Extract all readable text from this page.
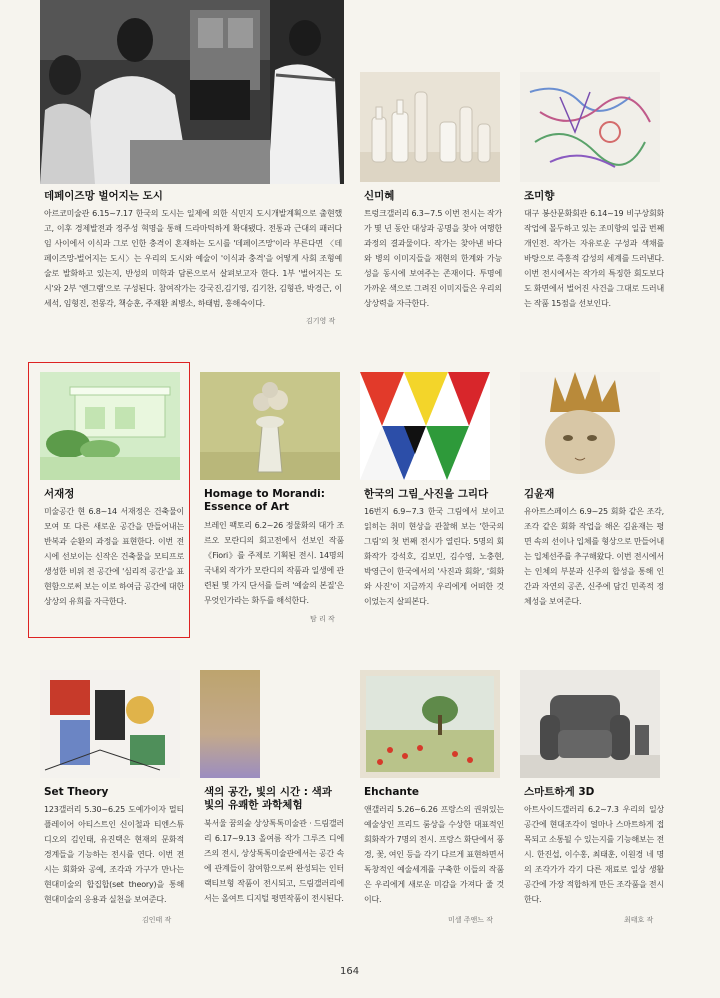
데페이즈망 벌어지는 도시
아르코미술관 6.15~7.17 한국의 도시는 일제에 의한 식민지 도시개발계획으로 출현했고, 이후 경제발전과 정주성 혁명을 통해 드라마틱하게 확대됐다. 전통과 근대의 패러다임 사이에서 이식과 그로 인한 충격이 혼재하는 도시를 '데페이즈망'이라 부른다면 〈데페이즈망-벌어지는 도시〉는 우리의 도시와 예술이 '이식과 충격'을 어떻게 사회 조형예술로 발화하고 있는지, 반성의 미학과 담론으로서 살펴보고자 한다. 1부 '벌어지는 도시'와 2부 '엔그램'으로 구성된다. 참여작가는 강국진,김기영, 김기찬, 김형관, 박경근, 이세석, 임형진, 전몽각, 책승훈, 주재환 최병소, 하태범, 홍해숙이다.
김기영 작
신미혜
트렁크갤러리 6.3~7.5 이번 전시는 작가가 몇 년 동안 대상과 공명을 찾아 여행한 과정의 결과물이다. 작가는 찾아낸 바다와 병의 이미지들을 재현의 한계와 가능성을 동시에 보여주는 존재이다. 투명에 가까운 색으로 그려진 이미지들은 우리의 상상력을 자극한다.
조미향
대구 봉산문화회관 6.14~19 비구상회화 작업에 몰두하고 있는 조미향의 일곱 번째 개인전. 작가는 자유로운 구성과 색채를 바탕으로 즉흥적 감성의 세계를 드러낸다. 이번 전시에서는 작가의 특징한 회도보다도 화면에서 벌어진 사건을 그대로 드러내는 작품 15점을 선보인다.
서재정
미술공간 현 6.8~14 서재정은 건축물이 모여 또 다른 새로운 공간을 만들어내는 반복과 순환의 과정을 표현한다. 이번 전시에 선보이는 신작은 건축물을 모티프로 생성한 비위 전 공간에 '심리적 공간'을 표현함으로써 보는 이로 하여금 공간에 대한 상상의 유희를 자극한다.
Homage to Morandi: Essence of Art
브레인 팩토리 6.2~26 정물화의 대가 조르오 모란디의 회고전에서 선보인 작품 《Fiori》를 주제로 기획된 전시. 14명의 국내외 작가가 모란디의 작품과 일생에 관련된 몇 가지 단서를 들려 '예술의 본질'은 무엇인가라는 화두를 해석한다.
탐 리 작
한국의 그림_사진을 그리다
16번지 6.9~7.3 한국 그림에서 보이고 읽히는 취미 현상을 관찰해 보는 '한국의 그림'의 첫 번째 전시가 열린다. 5명의 회화작가 강석호, 김보민, 김수영, 노충현, 박영근이 한국에서의 '사진과 회화', '회화와 사진'이 지금까지 우리에게 어떠한 것이었는지 살피본다.
김윤재
유아트스페이스 6.9~25 회화 같은 조각, 조각 같은 회화 작업을 해온 김윤재는 평면 속의 선이나 입체를 형상으로 만들어내는 입체선주를 추구해왔다. 이번 전시에서는 인체의 부분과 신주의 합성을 통해 인간과 자연의 공존, 신주에 담긴 민족적 정체성을 보여준다.
Set Theory
123갤러리 5.30~6.25 도예가이자 멀티 플레이어 아티스트인 신이철과 티엔스튜디오의 김인태, 유진택은 현재의 문화적 경계들을 기능하는 전시를 연다. 이번 전시는 회화와 공예, 조각과 가구가 만나는 현대미술의 합집합(set theory)을 통해 현대미술의 응용과 실천을 보여준다.
김인태 작
색의 공간, 빛의 시간 : 색과 빛의 유쾌한 과학체험
북서울 꿈의숲 상상톡톡미술관 · 드림갤러리 6.17~9.13 올여름 작가 그루즈 디에즈의 전시, 상상톡톡미술관에서는 공간 속에 관계들이 참여함으로써 완성되는 인터랙티브형 작품이 전시되고, 드림갤러리에서는 올여트 디지털 평면작품이 전시된다.
Ehchante
앤갤러리 5.26~6.26 프랑스의 권위있는 예술상인 프리드 룸상을 수상한 대표적인 회화작가 7명의 전시. 프랑스 화단에서 풍경, 꽃, 여인 등을 각기 다르게 표현하면서 독창적인 예술세계를 구축한 이들의 작품은 우리에게 새로운 미감을 가져다 줄 것이다.
미셀 주앤느 작
스마트하게 3D
아트사이드갤러리 6.2~7.3 우리의 일상 공간에 현대조각이 얼마나 스마트하게 접목되고 소통될 수 있는지를 기능해보는 전시. 한진섭, 이수홍, 최태훈, 이원경 네 명의 조각가가 각기 다른 재료로 일상 생활공간에 가장 적합하게 만든 조각품을 전시한다.
최태호 작
164
